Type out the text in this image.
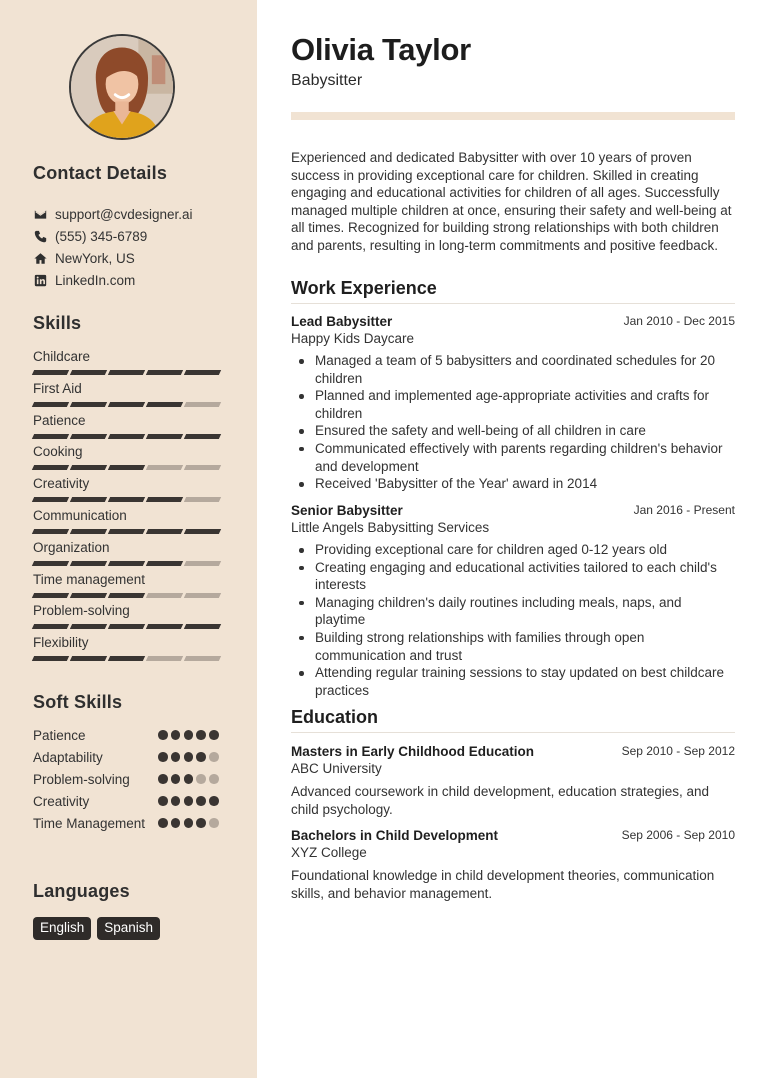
Contact Details
support@cvdesigner.ai
(555) 345-6789
NewYork, US
LinkedIn.com
Skills
Childcare
First Aid
Patience
Cooking
Creativity
Communication
Organization
Time management
Problem-solving
Flexibility
Soft Skills
Patience
Adaptability
Problem-solving
Creativity
Time Management
Languages
English	Spanish
Olivia Taylor
Babysitter
Experienced and dedicated Babysitter with over 10 years of proven success in providing exceptional care for children. Skilled in creating engaging and educational activities for children of all ages. Successfully managed multiple children at once, ensuring their safety and well-being at all times. Recognized for building strong relationships with both children and parents, resulting in long-term commitments and positive feedback.
Work Experience
Lead Babysitter	Jan 2010 - Dec 2015
Happy Kids Daycare
Managed a team of 5 babysitters and coordinated schedules for 20 children
Planned and implemented age-appropriate activities and crafts for children
Ensured the safety and well-being of all children in care
Communicated effectively with parents regarding children's behavior and development
Received 'Babysitter of the Year' award in 2014
Senior Babysitter	Jan 2016 - Present
Little Angels Babysitting Services
Providing exceptional care for children aged 0-12 years old
Creating engaging and educational activities tailored to each child's interests
Managing children's daily routines including meals, naps, and playtime
Building strong relationships with families through open communication and trust
Attending regular training sessions to stay updated on best childcare practices
Education
Masters in Early Childhood Education	Sep 2010 - Sep 2012
ABC University
Advanced coursework in child development, education strategies, and child psychology.
Bachelors in Child Development	Sep 2006 - Sep 2010
XYZ College
Foundational knowledge in child development theories, communication skills, and behavior management.
